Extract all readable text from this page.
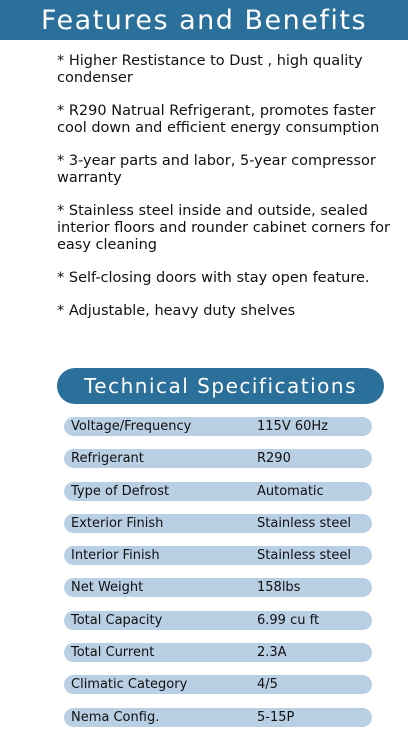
Features and Benefits

* Higher Restistance to Dust , high quality condenser

* R290 Natrual Refrigerant, promotes faster cool down and efficient energy consumption

* 3-year parts and labor, 5-year compressor warranty

* Stainless steel inside and outside, sealed interior floors and rounder cabinet corners for easy cleaning

* Self-closing doors with stay open feature.

* Adjustable, heavy duty shelves

Technical Specifications
Voltage/Frequency	115V 60Hz
Refrigerant	R290
Type of Defrost	Automatic
Exterior Finish	Stainless steel
Interior Finish	Stainless steel
Net Weight	158lbs
Total Capacity	6.99 cu ft
Total Current	2.3A
Climatic Category	4/5
Nema Config.	5-15P
